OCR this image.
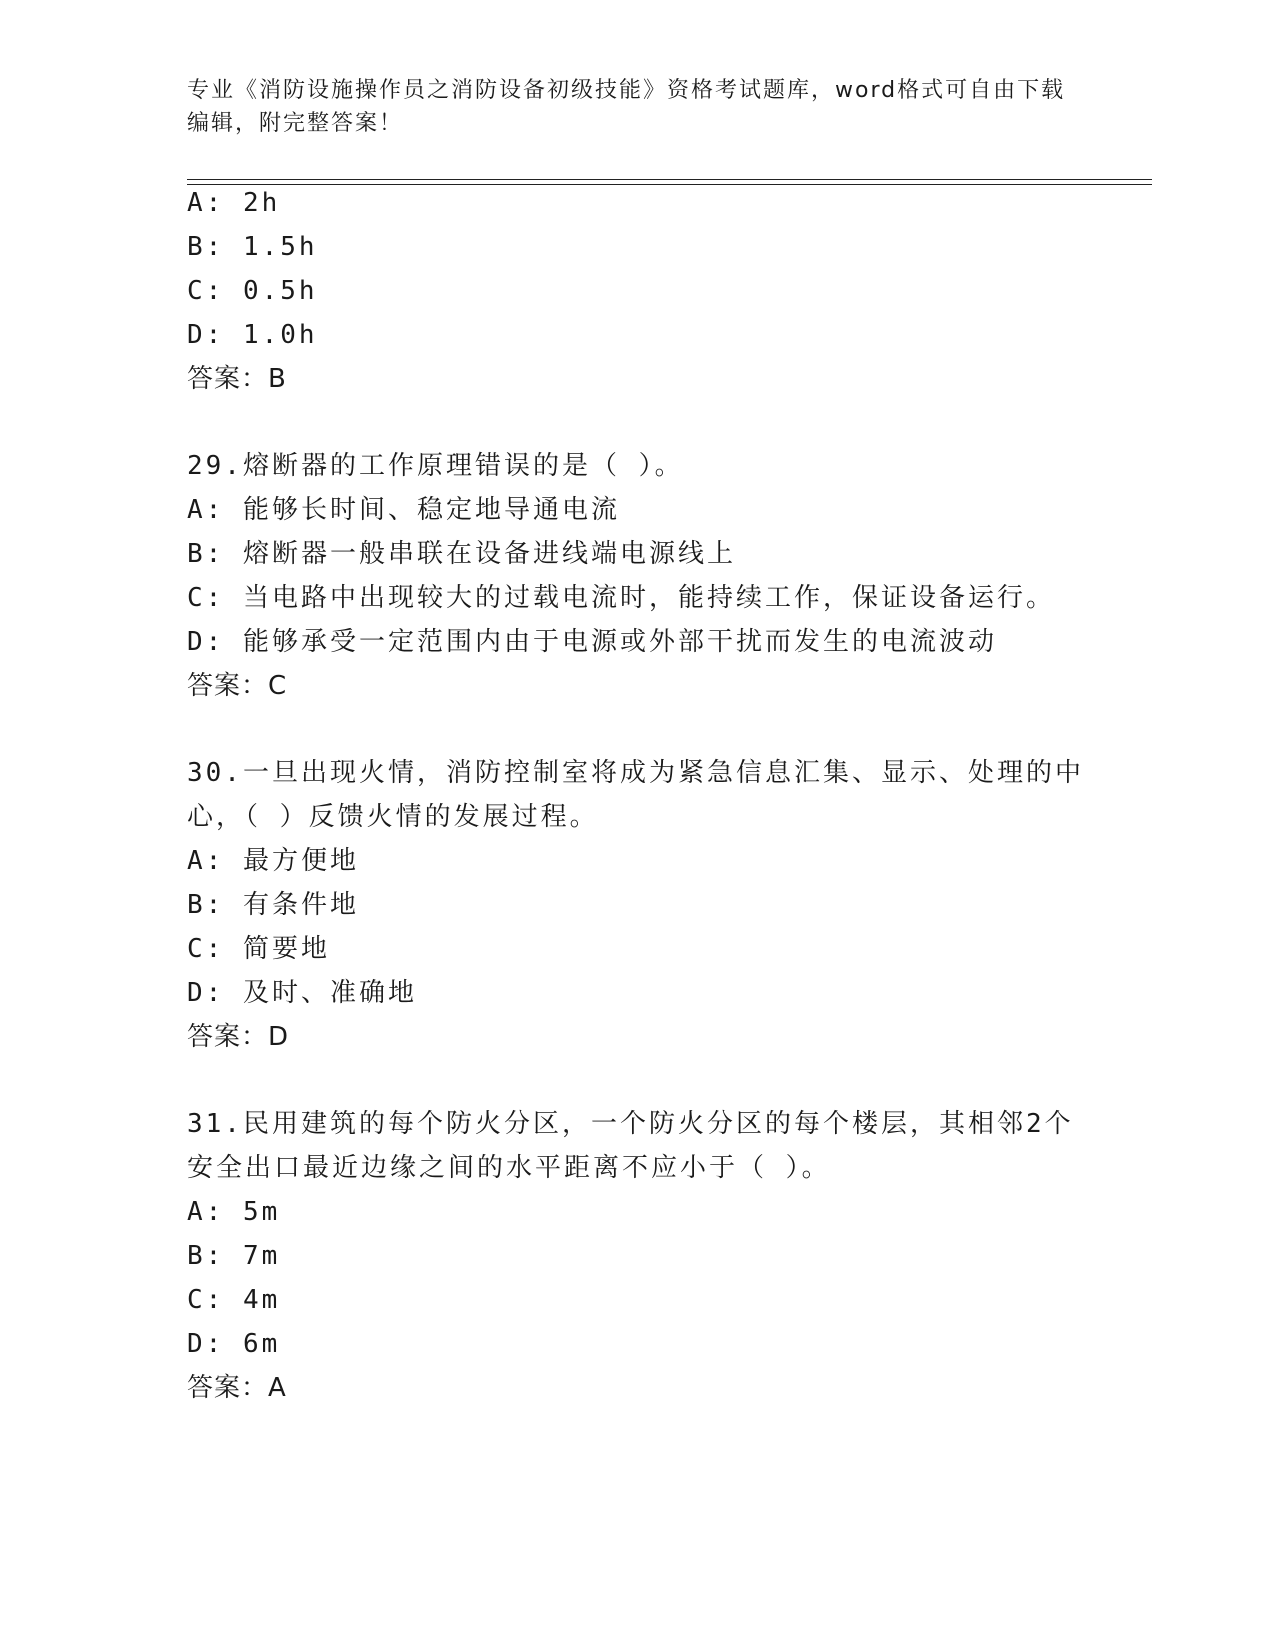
专业《消防设施操作员之消防设备初级技能》资格考试题库，word格式可自由下载编辑，附完整答案！
A: 2h
B: 1.5h
C: 0.5h
D: 1.0h
答案：B
29.熔断器的工作原理错误的是（ ）。
A: 能够长时间、稳定地导通电流
B: 熔断器一般串联在设备进线端电源线上
C: 当电路中出现较大的过载电流时，能持续工作，保证设备运行。
D: 能够承受一定范围内由于电源或外部干扰而发生的电流波动
答案：C
30.一旦出现火情，消防控制室将成为紧急信息汇集、显示、处理的中
心，（ ）反馈火情的发展过程。
A: 最方便地
B: 有条件地
C: 简要地
D: 及时、准确地
答案：D
31.民用建筑的每个防火分区，一个防火分区的每个楼层，其相邻2个
安全出口最近边缘之间的水平距离不应小于（ ）。
A: 5m
B: 7m
C: 4m
D: 6m
答案：A
